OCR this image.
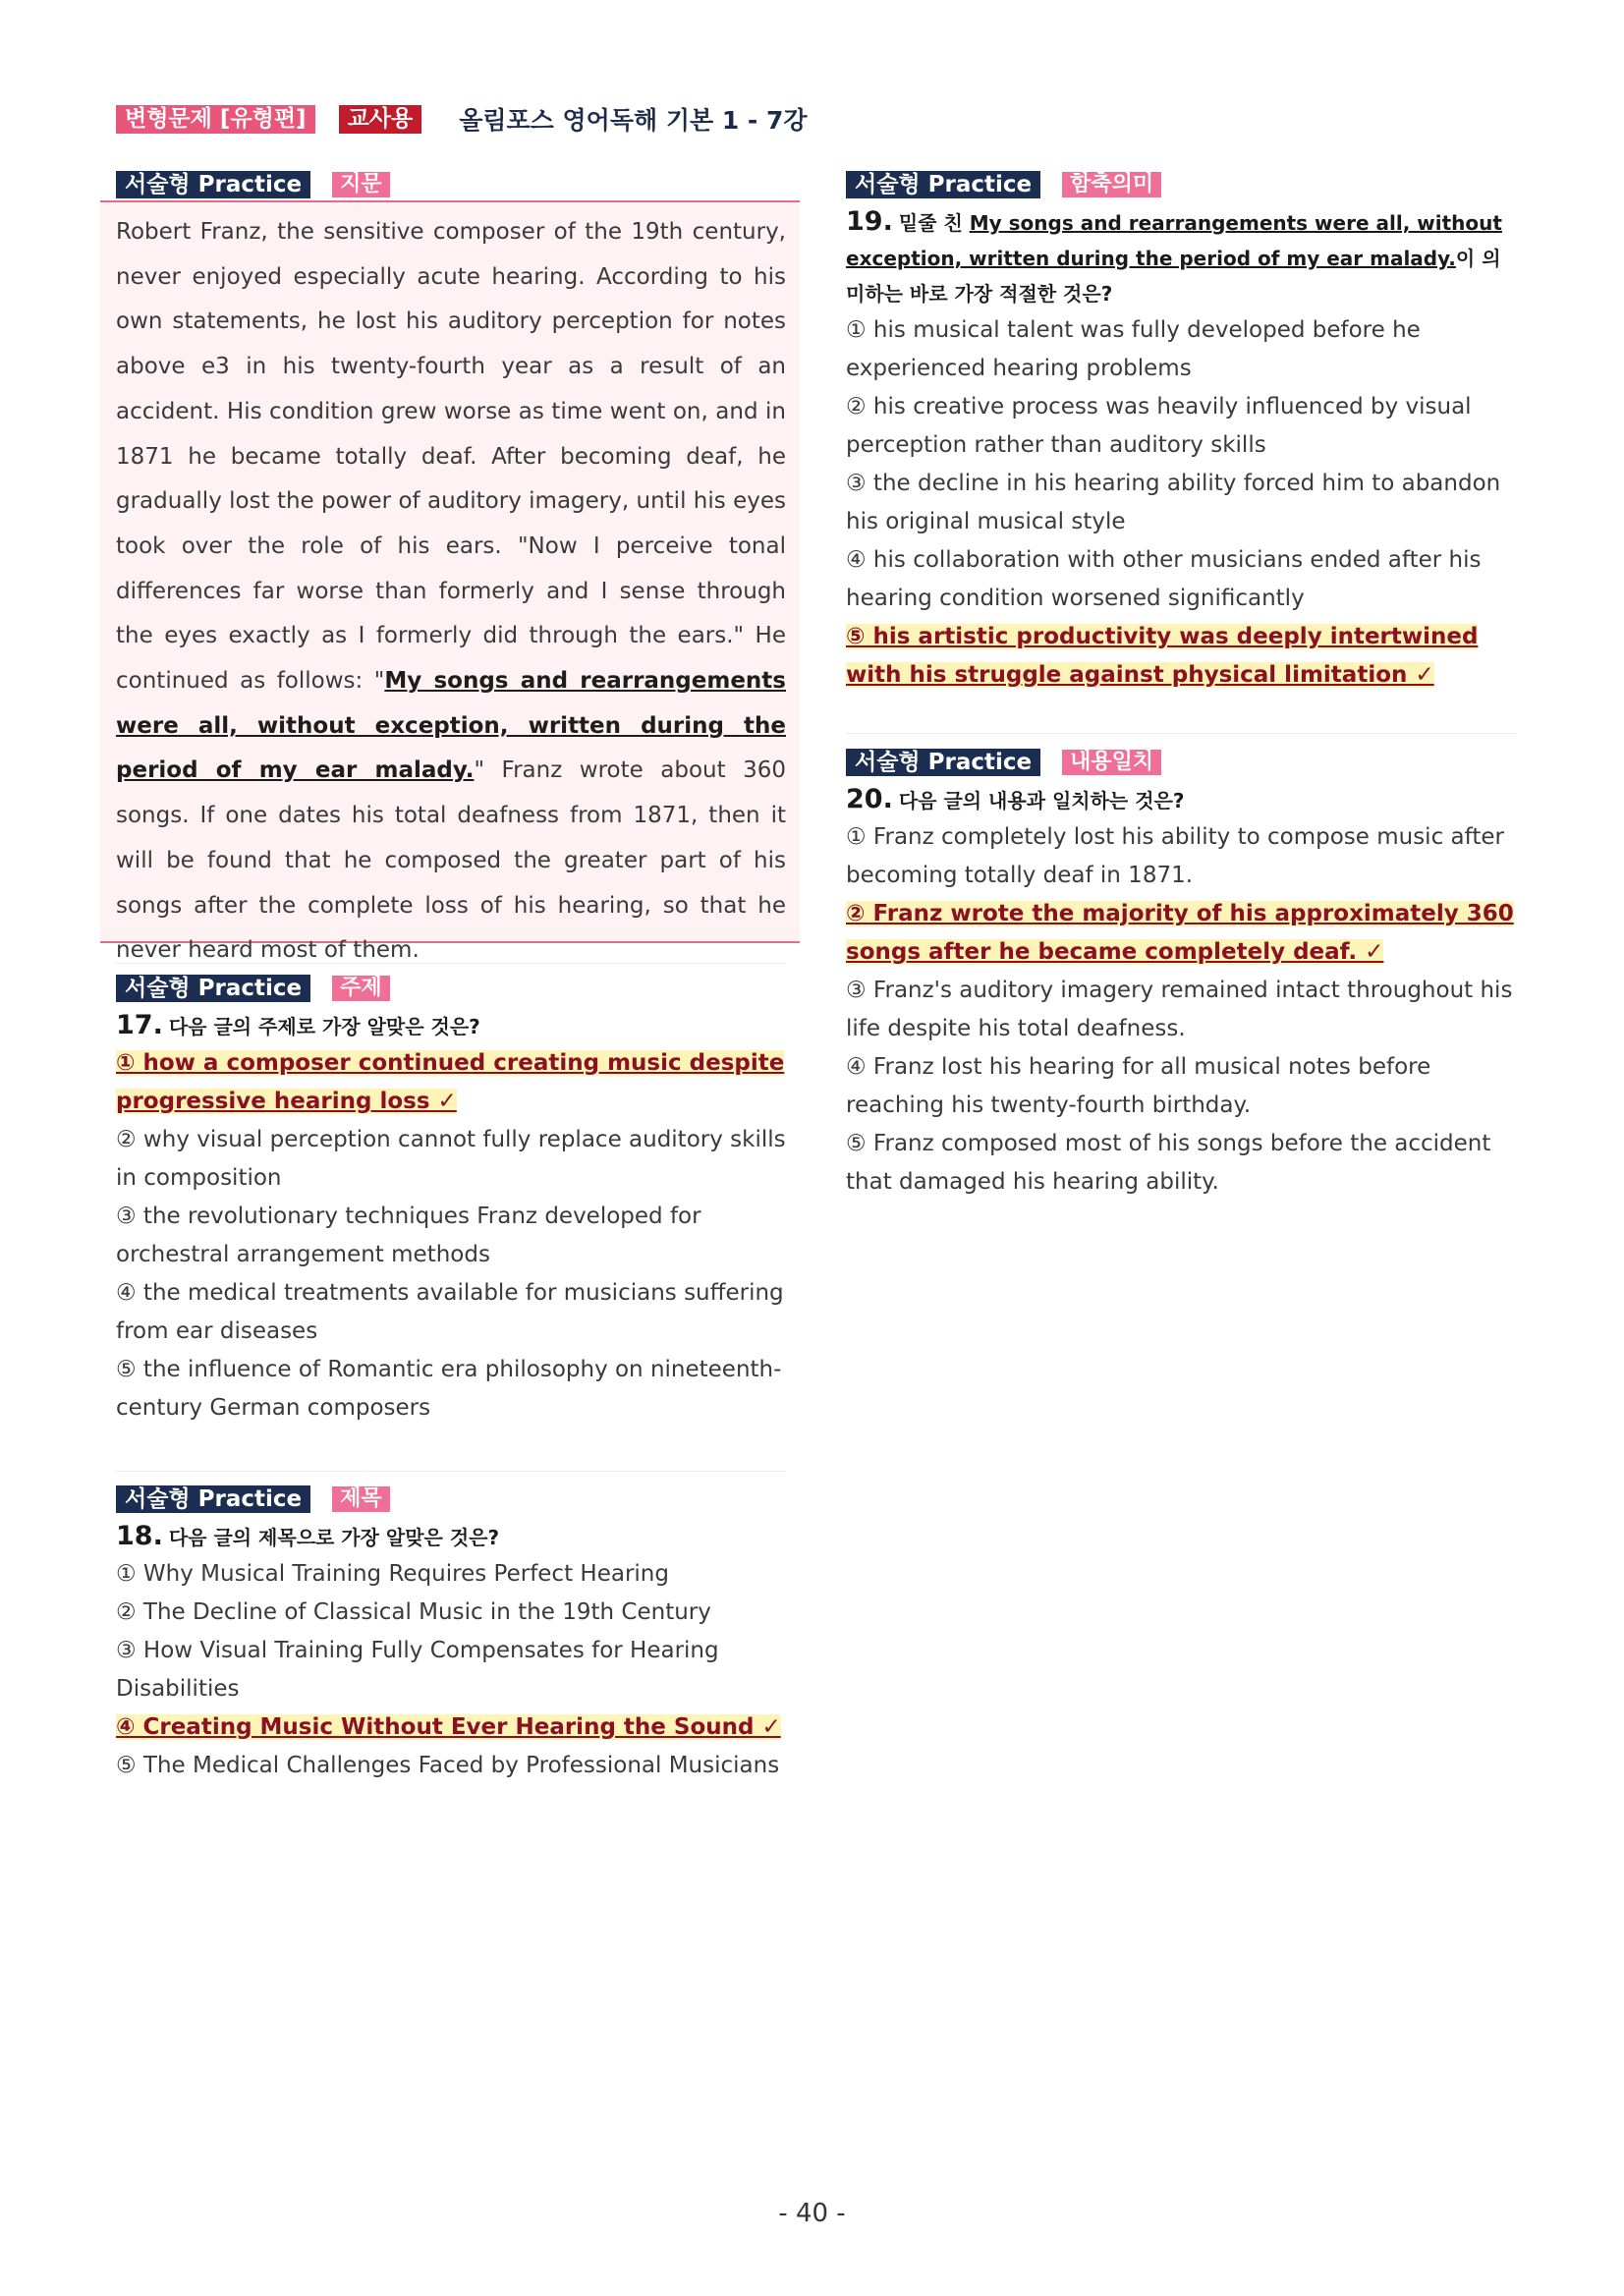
변형문제 [유형편]	교사용	올림포스 영어독해 기본 1 - 7강
서술형 Practice	지문

Robert Franz, the sensitive composer of the 19th century, never enjoyed especially acute hearing. According to his own statements, he lost his auditory perception for notes above e3 in his twenty-fourth year as a result of an accident. His condition grew worse as time went on, and in 1871 he became totally deaf. After becoming deaf, he gradually lost the power of auditory imagery, until his eyes took over the role of his ears. "Now I perceive tonal differences far worse than formerly and I sense through the eyes exactly as I formerly did through the ears." He continued as follows: "My songs and rearrangements were all, without exception, written during the period of my ear malady." Franz wrote about 360 songs. If one dates his total deafness from 1871, then it will be found that he composed the greater part of his songs after the complete loss of his hearing, so that he never heard most of them.

서술형 Practice	주제
17. 다음 글의 주제로 가장 알맞은 것은?
① how a composer continued creating music despite progressive hearing loss ✓
② why visual perception cannot fully replace auditory skills in composition
③ the revolutionary techniques Franz developed for orchestral arrangement methods
④ the medical treatments available for musicians suffering from ear diseases
⑤ the influence of Romantic era philosophy on nineteenth-century German composers
서술형 Practice	제목
18. 다음 글의 제목으로 가장 알맞은 것은?
① Why Musical Training Requires Perfect Hearing
② The Decline of Classical Music in the 19th Century
③ How Visual Training Fully Compensates for Hearing Disabilities
④ Creating Music Without Ever Hearing the Sound ✓
⑤ The Medical Challenges Faced by Professional Musicians
서술형 Practice	함축의미
19. 밑줄 친 My songs and rearrangements were all, without exception, written during the period of my ear malady.이 의미하는 바로 가장 적절한 것은?
① his musical talent was fully developed before he experienced hearing problems
② his creative process was heavily influenced by visual perception rather than auditory skills
③ the decline in his hearing ability forced him to abandon his original musical style
④ his collaboration with other musicians ended after his hearing condition worsened significantly
⑤ his artistic productivity was deeply intertwined with his struggle against physical limitation ✓
서술형 Practice	내용일치
20. 다음 글의 내용과 일치하는 것은?
① Franz completely lost his ability to compose music after becoming totally deaf in 1871.
② Franz wrote the majority of his approximately 360 songs after he became completely deaf. ✓
③ Franz's auditory imagery remained intact throughout his life despite his total deafness.
④ Franz lost his hearing for all musical notes before reaching his twenty-fourth birthday.
⑤ Franz composed most of his songs before the accident that damaged his hearing ability.
- 40 -
